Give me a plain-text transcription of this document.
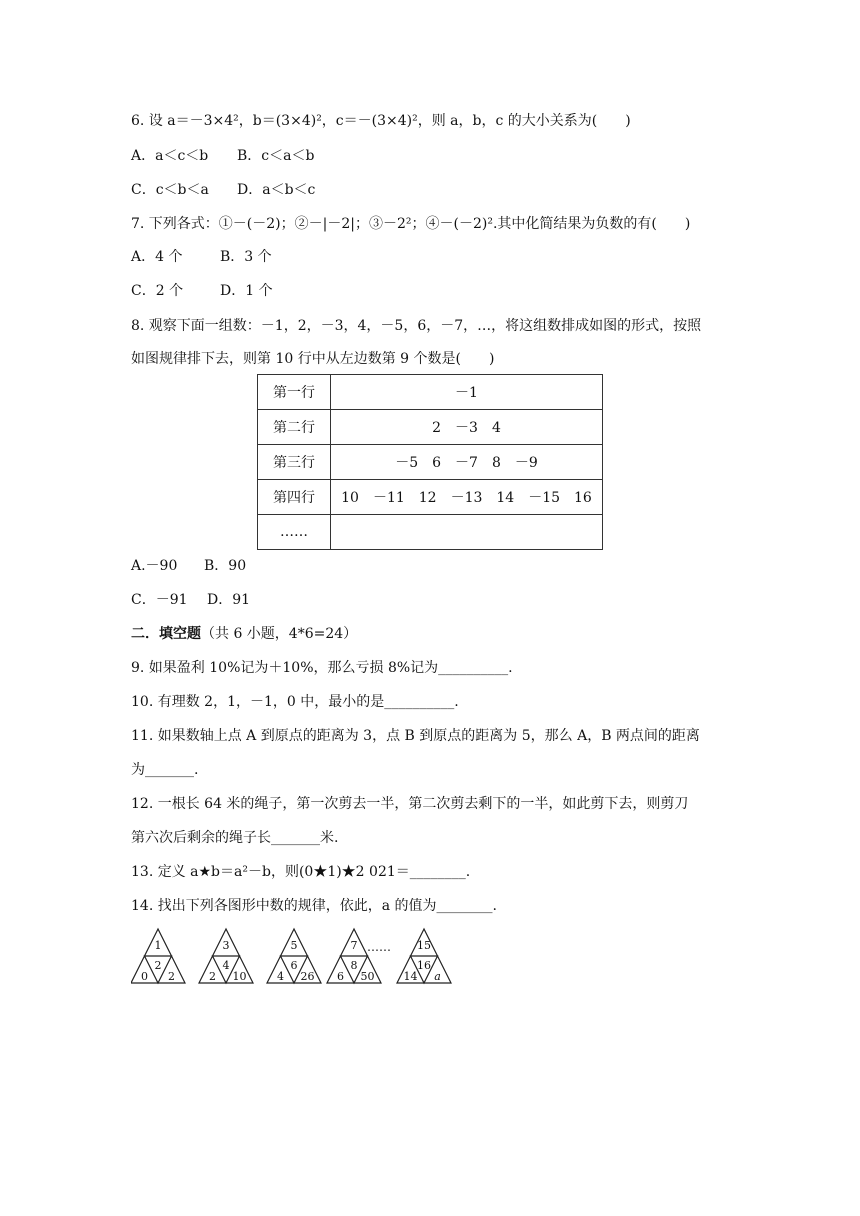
6. 设 a＝－3×4²，b＝(3×4)²，c＝－(3×4)²，则 a，b，c 的大小关系为(　　)
A．a＜c＜b B．c＜a＜b
C．c＜b＜a D．a＜b＜c
7. 下列各式：①－(－2)；②－|－2|；③－2²；④－(－2)².其中化简结果为负数的有(　　)
A．4 个	B．3 个
C．2 个	D．1 个
8. 观察下面一组数：－1，2，－3，4，－5，6，－7，…，将这组数排成如图的形式，按照
如图规律排下去，则第 10 行中从左边数第 9 个数是(　　)
第一行	－1
第二行	2　－3　4
第三行	－5　6　－7　8　－9
第四行	10　－11　12　－13　14　－15　16
……	
A.－90 B．90
C．－91 D．91
二．填空题（共 6 小题，4*6=24）
9. 如果盈利 10%记为＋10%，那么亏损 8%记为__________.
10. 有理数 2，1，－1，0 中，最小的是__________.
11. 如果数轴上点 A 到原点的距离为 3，点 B 到原点的距离为 5，那么 A，B 两点间的距离
为_______.
12. 一根长 64 米的绳子，第一次剪去一半，第二次剪去剩下的一半，如此剪下去，则剪刀
第六次后剩余的绳子长_______米.
13. 定义 a★b＝a²－b，则(0★1)★2 021＝________.
14. 找出下列各图形中数的规律，依此，a 的值为________.
1
2
0 2
3
4
2 10
5
6
4 26
7
8
6 50
15
16
14 a
……
